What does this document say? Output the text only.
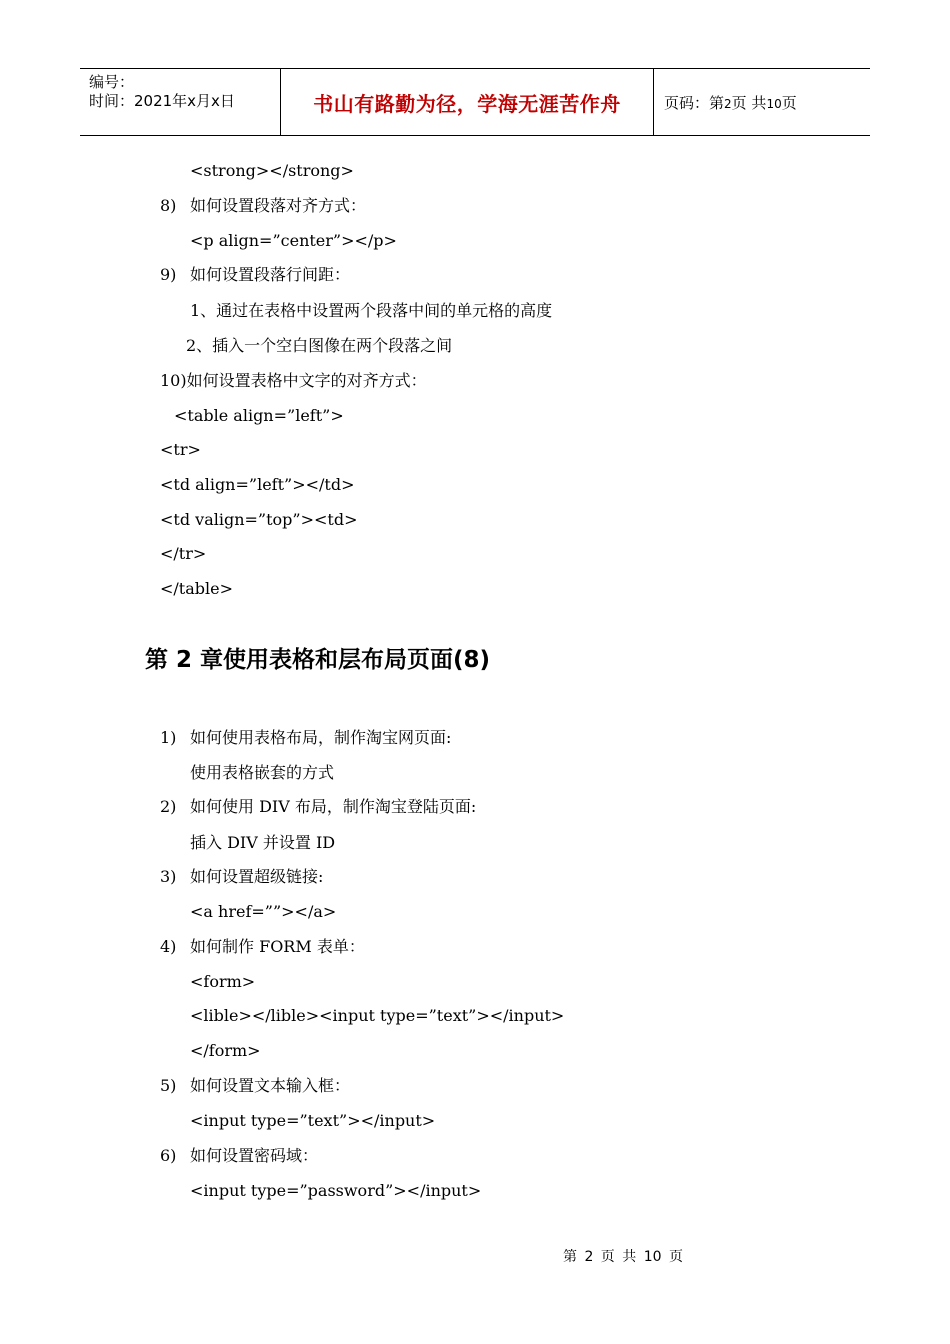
编号：
时间：2021年x月x日	书山有路勤为径，学海无涯苦作舟	页码：第2页 共10页
<strong></strong>
8) 如何设置段落对齐方式：
<p align=”center”></p>
9) 如何设置段落行间距：
1、通过在表格中设置两个段落中间的单元格的高度
2、插入一个空白图像在两个段落之间
10)如何设置表格中文字的对齐方式：
<table align=”left”>
<tr>
<td align=”left”></td>
<td valign=”top”><td>
</tr>
</table>
第 2 章使用表格和层布局页面(8)
1) 如何使用表格布局，制作淘宝网页面:
使用表格嵌套的方式
2) 如何使用 DIV 布局，制作淘宝登陆页面:
插入 DIV 并设置 ID
3) 如何设置超级链接:
<a href=””></a>
4) 如何制作 FORM 表单：
<form>
<lible></lible><input type=”text”></input>
</form>
5) 如何设置文本输入框：
<input type=”text”></input>
6) 如何设置密码域：
<input type=”password”></input>
第 2 页 共 10 页
